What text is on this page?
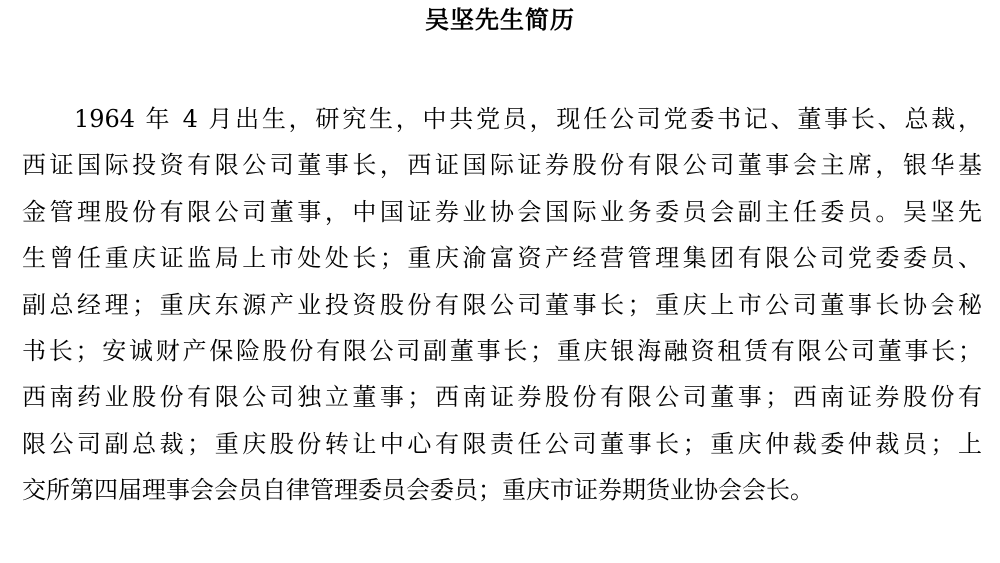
吴坚先生简历
1964 年 4 月出生，研究生，中共党员，现任公司党委书记、董事长、总裁，
西证国际投资有限公司董事长，西证国际证券股份有限公司董事会主席，银华基
金管理股份有限公司董事，中国证券业协会国际业务委员会副主任委员。吴坚先
生曾任重庆证监局上市处处长；重庆渝富资产经营管理集团有限公司党委委员、
副总经理；重庆东源产业投资股份有限公司董事长；重庆上市公司董事长协会秘
书长；安诚财产保险股份有限公司副董事长；重庆银海融资租赁有限公司董事长；
西南药业股份有限公司独立董事；西南证券股份有限公司董事；西南证券股份有
限公司副总裁；重庆股份转让中心有限责任公司董事长；重庆仲裁委仲裁员；上
交所第四届理事会会员自律管理委员会委员；重庆市证券期货业协会会长。
